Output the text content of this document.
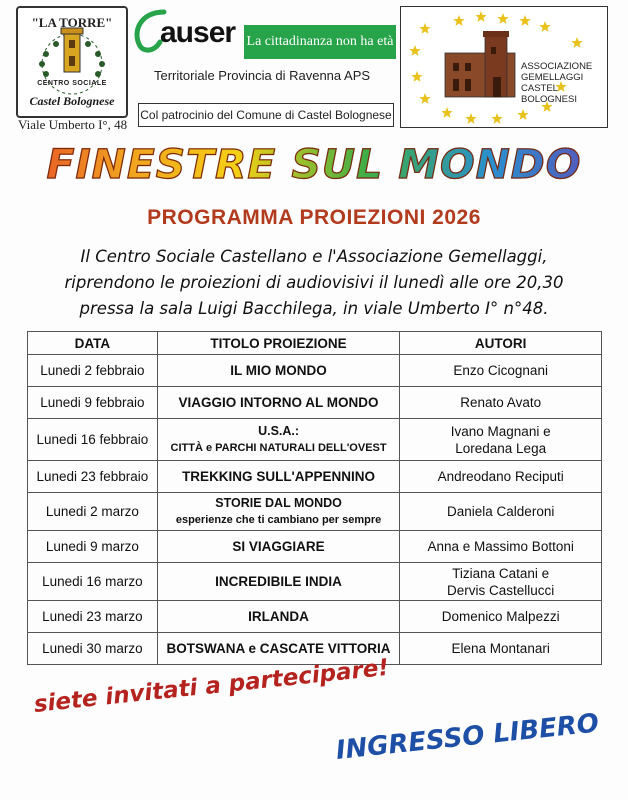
"LA TORRE"
CENTRO SOCIALE
Castel Bolognese
Viale Umberto I°, 48
auser La cittadinanza non ha età
Territoriale Provincia di Ravenna APS
Col patrocinio del Comune di Castel Bolognese
ASSOCIAZIONE
GEMELLAGGI
CASTEL BOLOGNESI
FINESTRE SUL MONDO
PROGRAMMA PROIEZIONI 2026
Il Centro Sociale Castellano e l'Associazione Gemellaggi,
riprendono le proiezioni di audiovisivi il lunedì alle ore 20,30
pressa la sala Luigi Bacchilega, in viale Umberto I° n°48.
DATA	TITOLO PROIEZIONE	AUTORI
Lunedi 2 febbraio	IL MIO MONDO	Enzo Cicognani

Lunedi 9 febbraio	VIAGGIO INTORNO AL MONDO	Renato Avato

Lunedi 16 febbraio	U.S.A.:
CITTÀ e PARCHI NATURALI DELL'OVEST	Ivano Magnani e
Loredana Lega

Lunedi 23 febbraio	TREKKING SULL'APPENNINO	Andreodano Reciputi

Lunedi 2 marzo	STORIE DAL MONDO
esperienze che ti cambiano per sempre	Daniela Calderoni

Lunedi 9 marzo	SI VIAGGIARE	Anna e Massimo Bottoni

Lunedi 16 marzo	INCREDIBILE INDIA	Tiziana Catani e
Dervis Castellucci

Lunedi 23 marzo	IRLANDA	Domenico Malpezzi

Lunedi 30 marzo	BOTSWANA e CASCATE VITTORIA	Elena Montanari
siete invitati a partecipare!
INGRESSO LIBERO
